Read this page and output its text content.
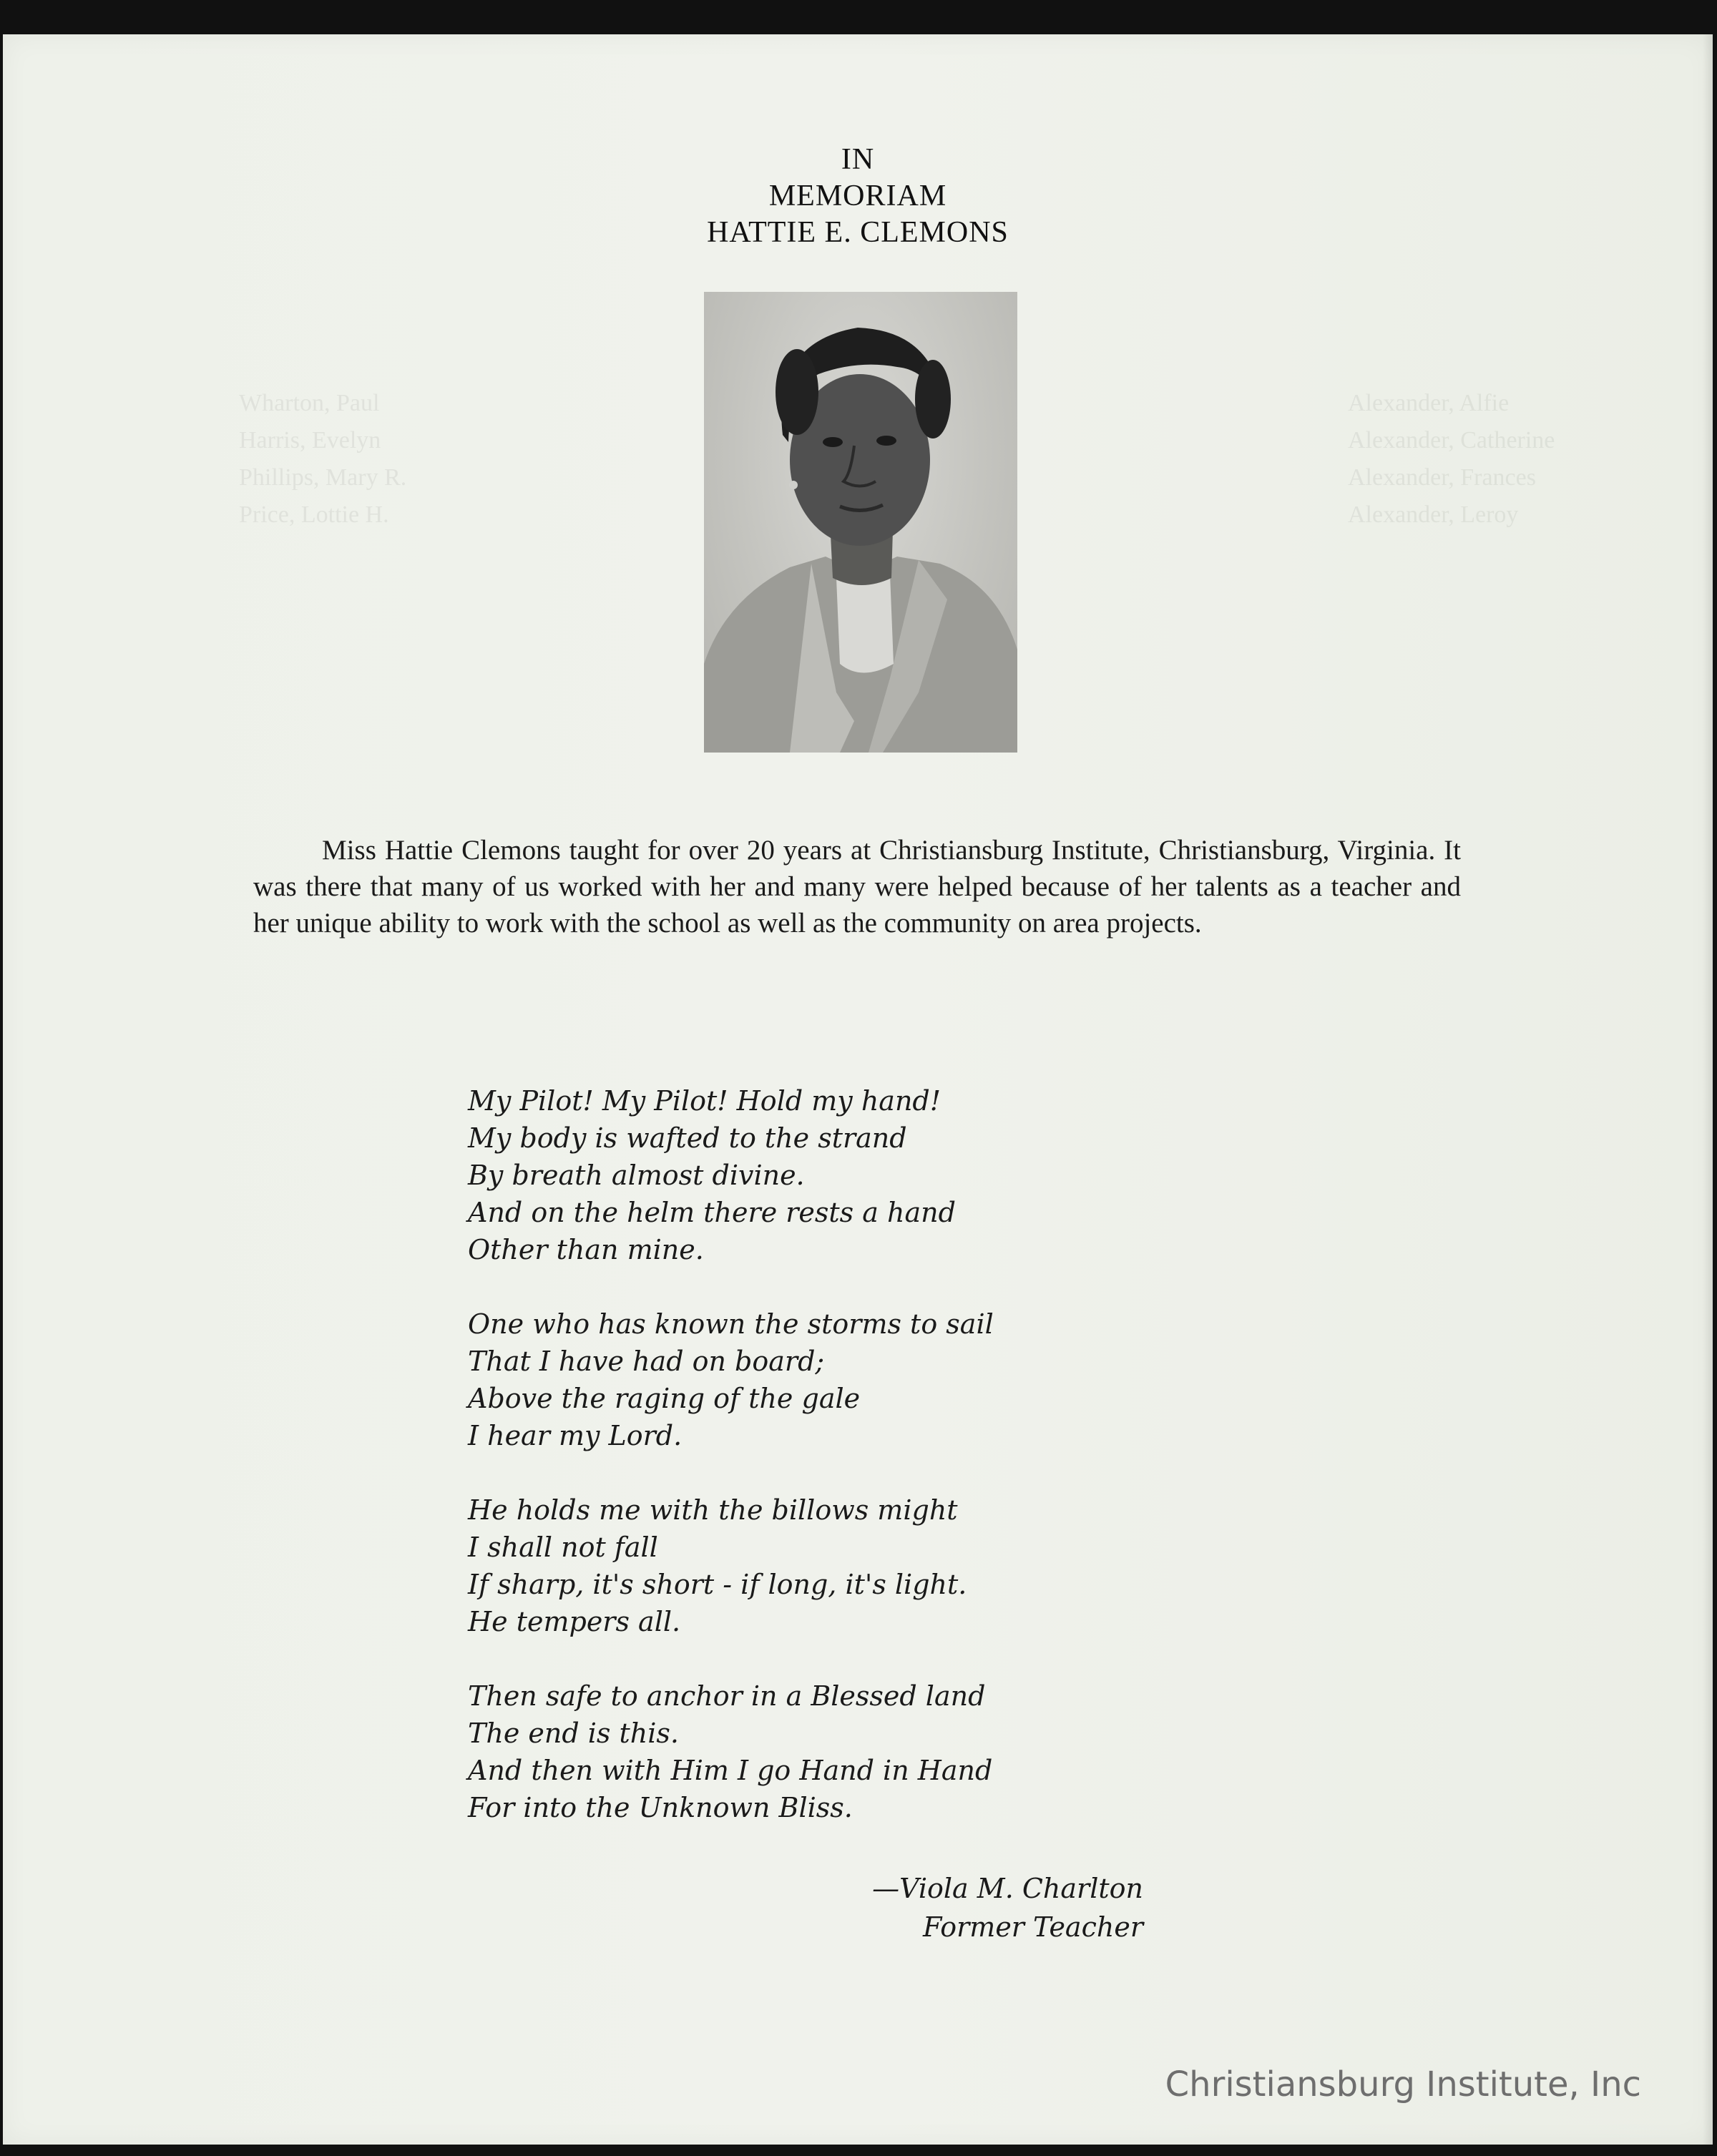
Wharton, Paul
Harris, Evelyn
Phillips, Mary R.
Price, Lottie H.
Alexander, Alfie
Alexander, Catherine
Alexander, Frances
Alexander, Leroy
IN
MEMORIAM
HATTIE E. CLEMONS
Miss Hattie Clemons taught for over 20 years at Christiansburg Institute, Christiansburg, Virginia. It was there that many of us worked with her and many were helped because of her talents as a teacher and her unique ability to work with the school as well as the community on area projects.
My Pilot! My Pilot! Hold my hand!
My body is wafted to the strand
By breath almost divine.
And on the helm there rests a hand
Other than mine.
One who has known the storms to sail
That I have had on board;
Above the raging of the gale
I hear my Lord.
He holds me with the billows might
I shall not fall
If sharp, it's short - if long, it's light.
He tempers all.
Then safe to anchor in a Blessed land
The end is this.
And then with Him I go Hand in Hand
For into the Unknown Bliss.
—Viola M. Charlton
Former Teacher
Christiansburg Institute, Inc
